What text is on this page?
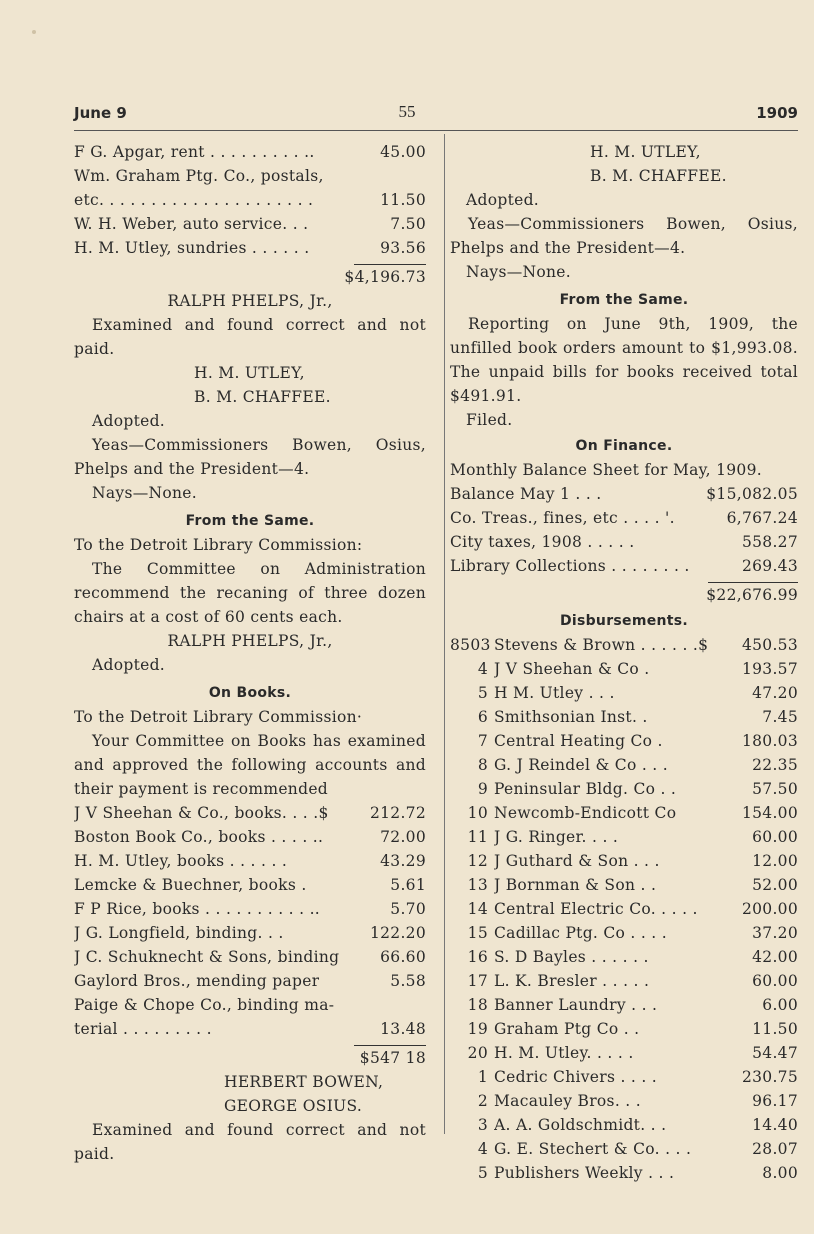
June 9	55	1909
F G. Apgar, rent . . . . . . . . . ..	45.00
Wm. Graham Ptg. Co., postals,
etc. . . . . . . . . . . . . . . . . . . . .	11.50
W. H. Weber, auto service. . .	7.50
H. M. Utley, sundries . . . . . .	93.56
$4,196.73
RALPH PHELPS, Jr.,
Examined and found correct and not paid.
H. M. UTLEY,
B. M. CHAFFEE.
Adopted.
Yeas—Commissioners Bowen, Osius, Phelps and the President—4.
Nays—None.
From the Same.
To the Detroit Library Commission:
The Committee on Administration recommend the recaning of three dozen chairs at a cost of 60 cents each.
RALPH PHELPS, Jr.,
Adopted.
On Books.
To the Detroit Library Commission·
Your Committee on Books has examined and approved the following accounts and their payment is recommended
J V Sheehan & Co., books. . . .$	212.72
Boston Book Co., books . . . . ..	72.00
H. M. Utley, books . . . . . .	43.29
Lemcke & Buechner, books .	5.61
F P Rice, books . . . . . . . . . . ..	5.70
J G. Longfield, binding. . .	122.20
J C. Schuknecht & Sons, binding	66.60
Gaylord Bros., mending paper	5.58
Paige & Chope Co., binding ma-
terial . . . . . . . . .	13.48
$547 18
HERBERT BOWEN,
GEORGE OSIUS.
Examined and found correct and not paid.
H. M. UTLEY,
B. M. CHAFFEE.
Adopted.
Yeas—Commissioners Bowen, Osius, Phelps and the President—4.
Nays—None.
From the Same.
Reporting on June 9th, 1909, the unfilled book orders amount to $1,993.08. The unpaid bills for books received total $491.91.
Filed.
On Finance.
Monthly Balance Sheet for May, 1909.
Balance May 1 . . .	$15,082.05
Co. Treas., fines, etc . . . . '.	6,767.24
City taxes, 1908 . . . . .	558.27
Library Collections . . . . . . . .	269.43
$22,676.99
Disbursements.
8503 Stevens & Brown . . . . . .$	450.53
4 J V Sheehan & Co .	193.57
5 H M. Utley . . .	47.20
6 Smithsonian Inst. .	7.45
7 Central Heating Co .	180.03
8 G. J Reindel & Co . . .	22.35
9 Peninsular Bldg. Co . .	57.50
10 Newcomb-Endicott Co	154.00
11 J G. Ringer. . . .	60.00
12 J Guthard & Son . . .	12.00
13 J Bornman & Son . .	52.00
14 Central Electric Co. . . . .	200.00
15 Cadillac Ptg. Co . . . .	37.20
16 S. D Bayles . . . . . .	42.00
17 L. K. Bresler . . . . .	60.00
18 Banner Laundry . . .	6.00
19 Graham Ptg Co . .	11.50
20 H. M. Utley. . . . .	54.47
1 Cedric Chivers . . . .	230.75
2 Macauley Bros. . .	96.17
3 A. A. Goldschmidt. . .	14.40
4 G. E. Stechert & Co. . . .	28.07
5 Publishers Weekly . . .	8.00
